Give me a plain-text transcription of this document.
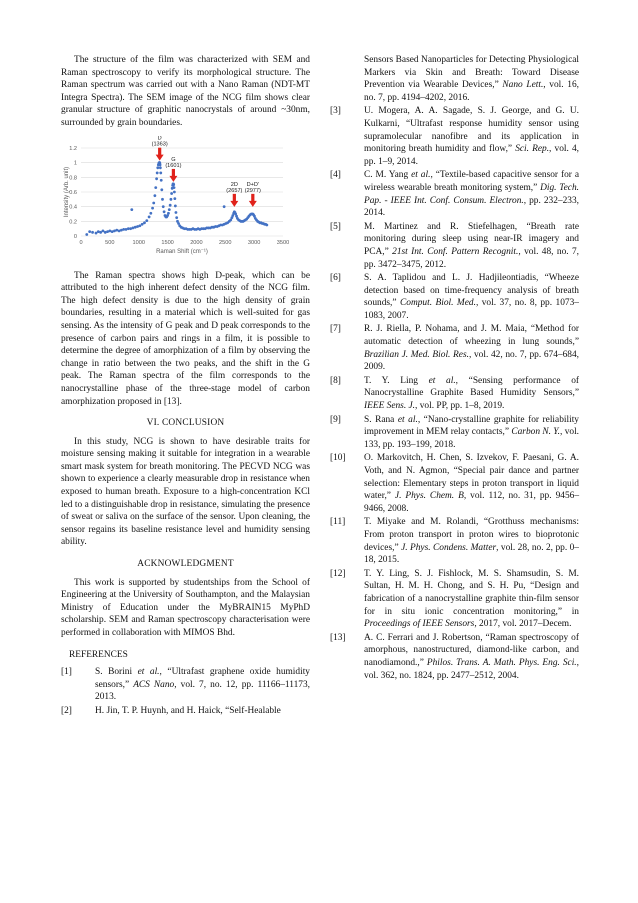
The structure of the film was characterized with SEM and Raman spectroscopy to verify its morphological structure. The Raman spectrum was carried out with a Nano Raman (NDT-MT Integra Spectra). The SEM image of the NCG film shows clear granular structure of graphitic nanocrystals of around ~30nm, surrounded by grain boundaries.

0
0.2
0.4
0.6
0.8
1
1.2
0	500	1000	1500	2000	2500	3000	3500
Raman Shift (cm⁻¹)
Intensity (Arb. unit)
D
(1363)
G
(1601)
2D
(2657)
D+D'
(2977)

The Raman spectra shows high D-peak, which can be attributed to the high inherent defect density of the NCG film. The high defect density is due to the high density of grain boundaries, resulting in a material which is well-suited for gas sensing. As the intensity of G peak and D peak corresponds to the presence of carbon pairs and rings in a film, it is possible to determine the degree of amorphization of a film by observing the change in ratio between the two peaks, and the shift in the G peak. The Raman spectra of the film corresponds to the nanocrystalline phase of the three-stage model of carbon amorphization proposed in [13].

VI. CONCLUSION

In this study, NCG is shown to have desirable traits for moisture sensing making it suitable for integration in a wearable smart mask system for breath monitoring. The PECVD NCG was shown to experience a clearly measurable drop in resistance when exposed to human breath. Exposure to a high-concentration KCl led to a distinguishable drop in resistance, simulating the presence of sweat or saliva on the surface of the sensor. Upon cleaning, the sensor regains its baseline resistance level and humidity sensing ability.

ACKNOWLEDGMENT

This work is supported by studentships from the School of Engineering at the University of Southampton, and the Malaysian Ministry of Education under the MyBRAIN15 MyPhD scholarship. SEM and Raman spectroscopy characterisation were performed in collaboration with MIMOS Bhd.

REFERENCES
[1]	S. Borini et al., “Ultrafast graphene oxide humidity sensors,” ACS Nano, vol. 7, no. 12, pp. 11166–11173, 2013.
[2]	H. Jin, T. P. Huynh, and H. Haick, “Self-Healable
Sensors Based Nanoparticles for Detecting Physiological Markers via Skin and Breath: Toward Disease Prevention via Wearable Devices,” Nano Lett., vol. 16, no. 7, pp. 4194–4202, 2016.
[3]	U. Mogera, A. A. Sagade, S. J. George, and G. U. Kulkarni, “Ultrafast response humidity sensor using supramolecular nanofibre and its application in monitoring breath humidity and flow,” Sci. Rep., vol. 4, pp. 1–9, 2014.
[4]	C. M. Yang et al., “Textile-based capacitive sensor for a wireless wearable breath monitoring system,” Dig. Tech. Pap. - IEEE Int. Conf. Consum. Electron., pp. 232–233, 2014.
[5]	M. Martinez and R. Stiefelhagen, “Breath rate monitoring during sleep using near-IR imagery and PCA,” 21st Int. Conf. Pattern Recognit., vol. 48, no. 7, pp. 3472–3475, 2012.
[6]	S. A. Taplidou and L. J. Hadjileontiadis, “Wheeze detection based on time-frequency analysis of breath sounds,” Comput. Biol. Med., vol. 37, no. 8, pp. 1073–1083, 2007.
[7]	R. J. Riella, P. Nohama, and J. M. Maia, “Method for automatic detection of wheezing in lung sounds,” Brazilian J. Med. Biol. Res., vol. 42, no. 7, pp. 674–684, 2009.
[8]	T. Y. Ling et al., “Sensing performance of Nanocrystalline Graphite Based Humidity Sensors,” IEEE Sens. J., vol. PP, pp. 1–8, 2019.
[9]	S. Rana et al., “Nano-crystalline graphite for reliability improvement in MEM relay contacts,” Carbon N. Y., vol. 133, pp. 193–199, 2018.
[10]	O. Markovitch, H. Chen, S. Izvekov, F. Paesani, G. A. Voth, and N. Agmon, “Special pair dance and partner selection: Elementary steps in proton transport in liquid water,” J. Phys. Chem. B, vol. 112, no. 31, pp. 9456–9466, 2008.
[11]	T. Miyake and M. Rolandi, “Grotthuss mechanisms: From proton transport in proton wires to bioprotonic devices,” J. Phys. Condens. Matter, vol. 28, no. 2, pp. 0–18, 2015.
[12]	T. Y. Ling, S. J. Fishlock, M. S. Shamsudin, S. M. Sultan, H. M. H. Chong, and S. H. Pu, “Design and fabrication of a nanocrystalline graphite thin-film sensor for in situ ionic concentration monitoring,” in Proceedings of IEEE Sensors, 2017, vol. 2017–Decem.
[13]	A. C. Ferrari and J. Robertson, “Raman spectroscopy of amorphous, nanostructured, diamond-like carbon, and nanodiamond.,” Philos. Trans. A. Math. Phys. Eng. Sci., vol. 362, no. 1824, pp. 2477–2512, 2004.
